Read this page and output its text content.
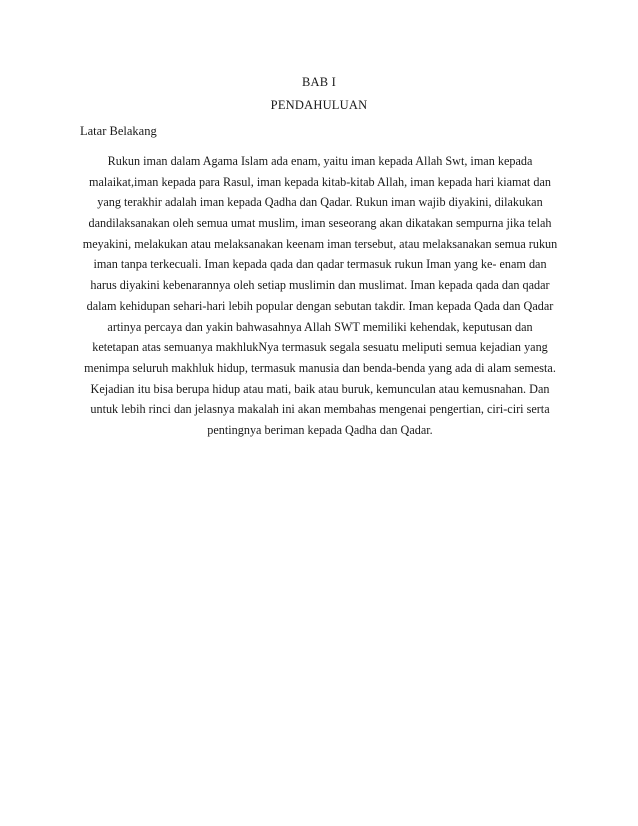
BAB I
PENDAHULUAN
Latar Belakang

Rukun iman dalam Agama Islam ada enam, yaitu iman kepada Allah Swt, iman kepada
malaikat,iman kepada para Rasul, iman kepada kitab-kitab Allah, iman kepada hari kiamat dan
yang terakhir adalah iman kepada Qadha dan Qadar. Rukun iman wajib diyakini, dilakukan
dandilaksanakan oleh semua umat muslim, iman seseorang akan dikatakan sempurna jika telah
meyakini, melakukan atau melaksanakan keenam iman tersebut, atau melaksanakan semua rukun
iman tanpa terkecuali. Iman kepada qada dan qadar termasuk rukun Iman yang ke- enam dan
harus diyakini kebenarannya oleh setiap muslimin dan muslimat. Iman kepada qada dan qadar
dalam kehidupan sehari-hari lebih popular dengan sebutan takdir. Iman kepada Qada dan Qadar
artinya percaya dan yakin bahwasahnya Allah SWT memiliki kehendak, keputusan dan
ketetapan atas semuanya makhlukNya termasuk segala sesuatu meliputi semua kejadian yang
menimpa seluruh makhluk hidup, termasuk manusia dan benda-benda yang ada di alam semesta.
Kejadian itu bisa berupa hidup atau mati, baik atau buruk, kemunculan atau kemusnahan. Dan
untuk lebih rinci dan jelasnya makalah ini akan membahas mengenai pengertian, ciri-ciri serta
pentingnya beriman kepada Qadha dan Qadar.
